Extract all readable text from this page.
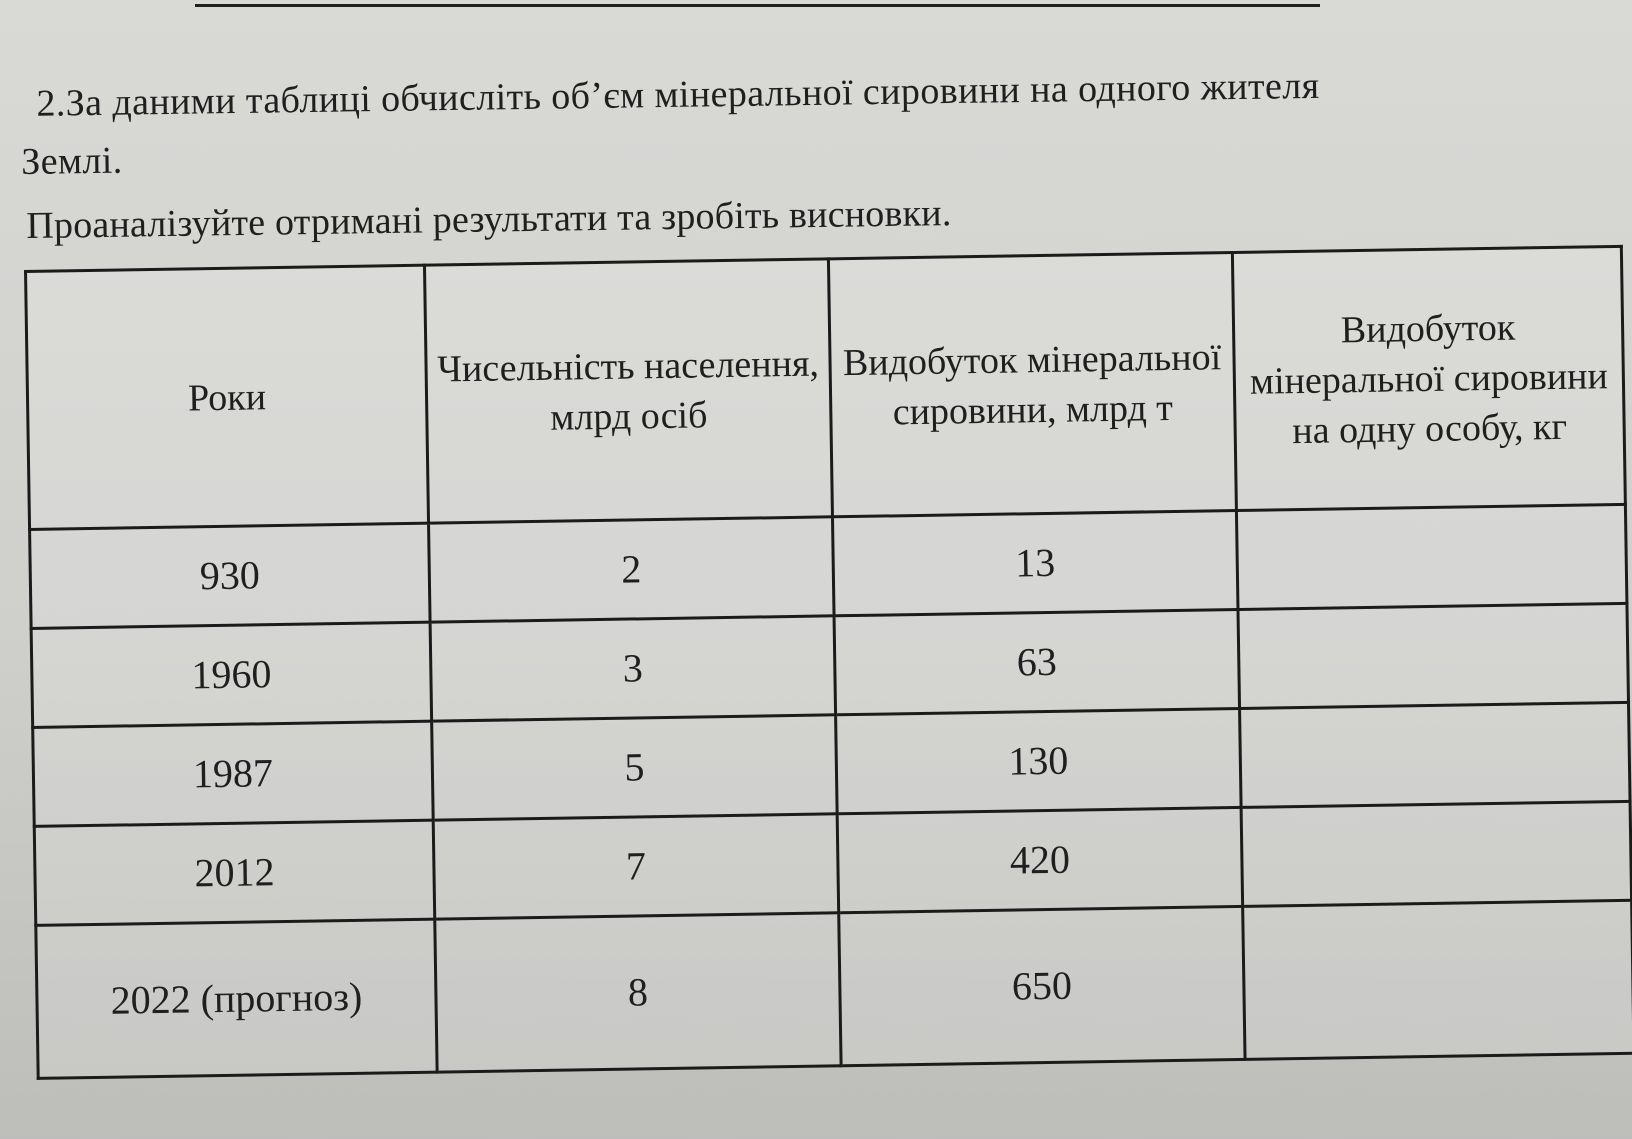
2.За даними таблиці обчисліть об’єм мінеральної сировини на одного жителя
Землі.
Проаналізуйте отримані результати та зробіть висновки.
Роки	Чисельність населення, млрд осіб	Видобуток мінеральної сировини, млрд т	Видобуток мінеральної сировини на одну особу, кг
930	2	13	
1960	3	63	
1987	5	130	
2012	7	420	
2022 (прогноз)	8	650	
